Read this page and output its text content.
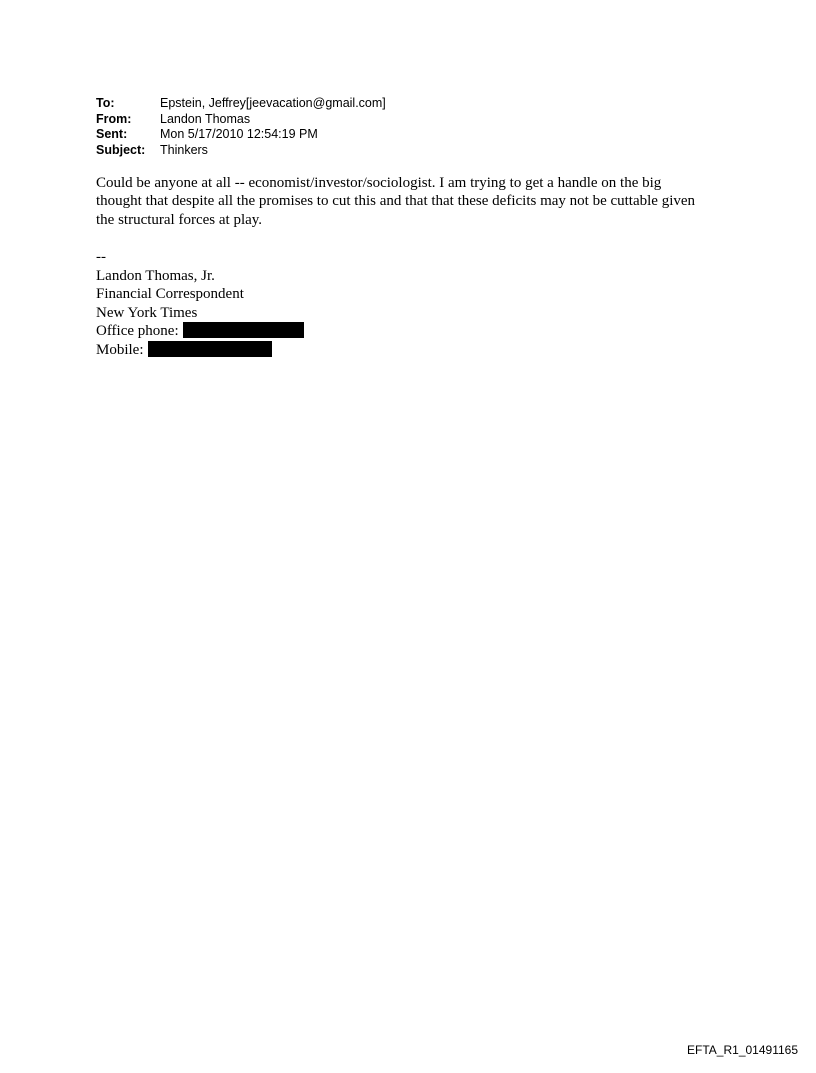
To:	Epstein, Jeffrey[jeevacation@gmail.com]
From:	Landon Thomas
Sent:	Mon 5/17/2010 12:54:19 PM
Subject:	Thinkers
Could be anyone at all -- economist/investor/sociologist. I am trying to get a handle on the big thought that despite all the promises to cut this and that that these deficits may not be cuttable given the structural forces at play.
--
Landon Thomas, Jr.
Financial Correspondent
New York Times
Office phone:
Mobile:
EFTA_R1_01491165
